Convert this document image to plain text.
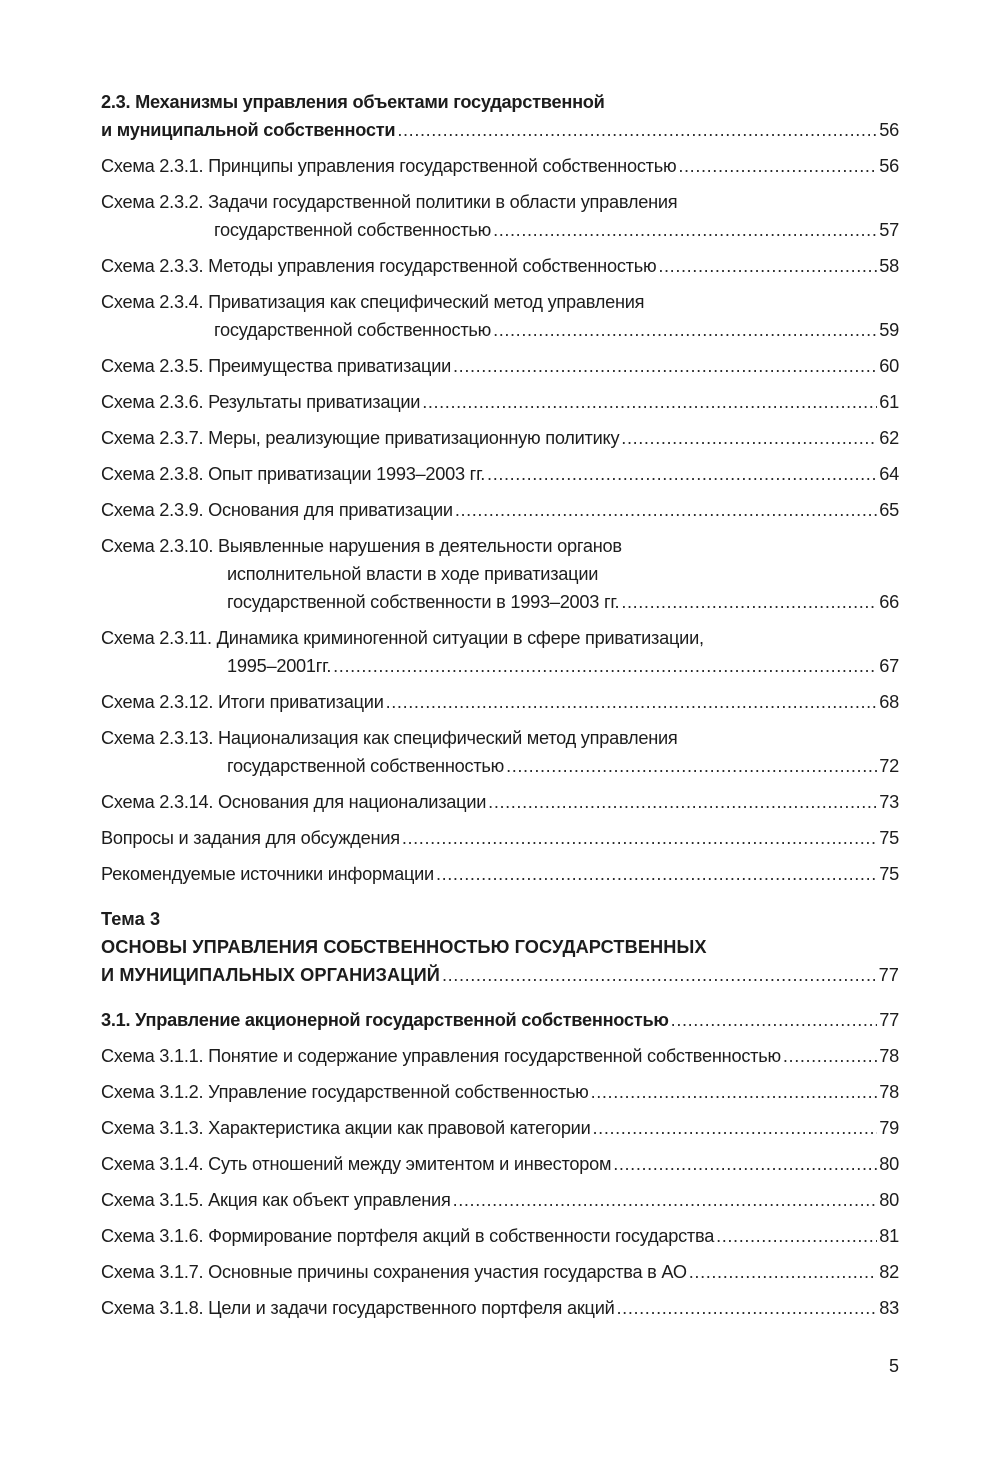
2.3. Механизмы управления объектами государственной
и муниципальной собственности .....	56
Схема 2.3.1. Принципы управления государственной собственностью .....	56
Схема 2.3.2. Задачи государственной политики в области управления
государственной собственностью .....	57
Схема 2.3.3. Методы управления государственной собственностью .....	58
Схема 2.3.4. Приватизация как специфический метод управления
государственной собственностью .....	59
Схема 2.3.5. Преимущества приватизации .....	60
Схема 2.3.6. Результаты приватизации .....	61
Схема 2.3.7. Меры, реализующие приватизационную политику .....	62
Схема 2.3.8. Опыт приватизации 1993–2003 гг. .....	64
Схема 2.3.9. Основания для приватизации .....	65
Схема 2.3.10. Выявленные нарушения в деятельности органов
исполнительной власти в ходе приватизации
государственной собственности в 1993–2003 гг. .....	66
Схема 2.3.11. Динамика криминогенной ситуации в сфере приватизации,
1995–2001гг. .....	67
Схема 2.3.12. Итоги приватизации .....	68
Схема 2.3.13. Национализация как специфический метод управления
государственной собственностью .....	72
Схема 2.3.14. Основания для национализации .....	73
Вопросы и задания для обсуждения .....	75
Рекомендуемые источники информации .....	75
Тема 3
ОСНОВЫ УПРАВЛЕНИЯ СОБСТВЕННОСТЬЮ ГОСУДАРСТВЕННЫХ
И МУНИЦИПАЛЬНЫХ ОРГАНИЗАЦИЙ .....	77
3.1. Управление акционерной государственной собственностью .....	77
Схема 3.1.1. Понятие и содержание управления государственной собственностью .....	78
Схема 3.1.2. Управление государственной собственностью .....	78
Схема 3.1.3. Характеристика акции как правовой категории .....	79
Схема 3.1.4. Суть отношений между эмитентом и инвестором .....	80
Схема 3.1.5. Акция как объект управления .....	80
Схема 3.1.6. Формирование портфеля акций в собственности государства .....	81
Схема 3.1.7. Основные причины сохранения участия государства в АО .....	82
Схема 3.1.8. Цели и задачи государственного портфеля акций .....	83
5
